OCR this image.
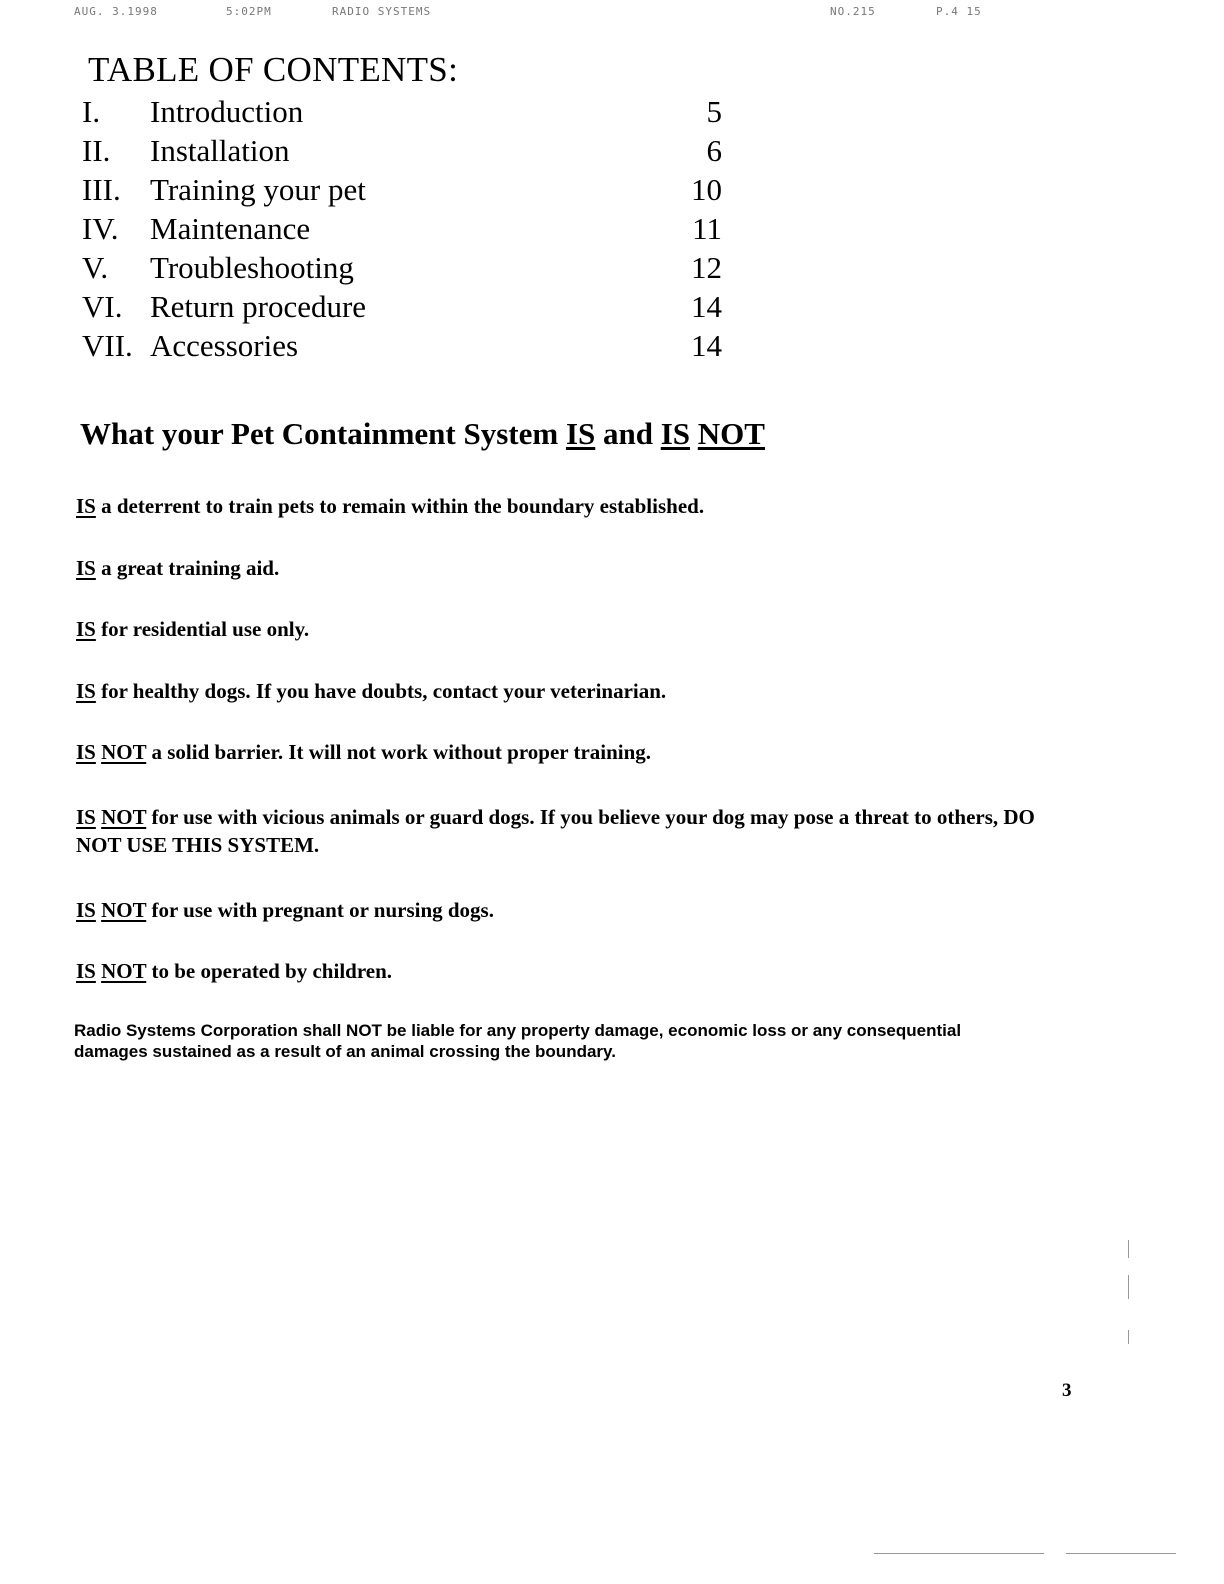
AUG. 3.1998	5:02PM	RADIO SYSTEMS	NO.215	P.4 15
TABLE OF CONTENTS:
I. Introduction	5
II. Installation	6
III. Training your pet	10
IV. Maintenance	11
V. Troubleshooting	12
VI. Return procedure	14
VII. Accessories	14
What your Pet Containment System IS and IS NOT
IS a deterrent to train pets to remain within the boundary established.
IS a great training aid.
IS for residential use only.
IS for healthy dogs. If you have doubts, contact your veterinarian.
IS NOT a solid barrier. It will not work without proper training.
IS NOT for use with vicious animals or guard dogs. If you believe your dog may pose a threat to others, DO NOT USE THIS SYSTEM.
IS NOT for use with pregnant or nursing dogs.
IS NOT to be operated by children.
Radio Systems Corporation shall NOT be liable for any property damage, economic loss or any consequential damages sustained as a result of an animal crossing the boundary.
3
